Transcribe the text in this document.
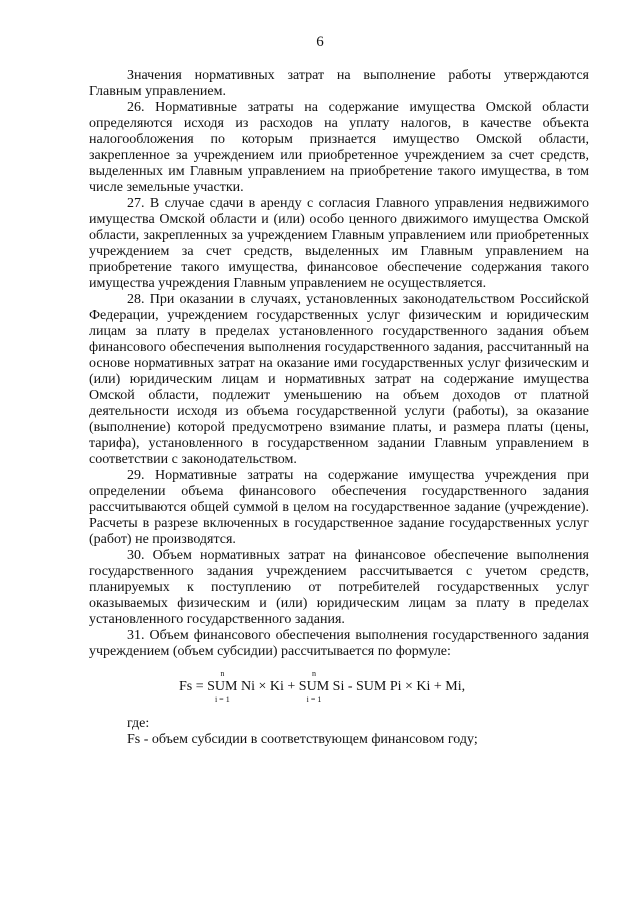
6

Значения нормативных затрат на выполнение работы утверждаются Главным управлением.

26. Нормативные затраты на содержание имущества Омской области определяются исходя из расходов на уплату налогов, в качестве объекта налогообложения по которым признается имущество Омской области, закрепленное за учреждением или приобретенное учреждением за счет средств, выделенных им Главным управлением на приобретение такого имущества, в том числе земельные участки.

27. В случае сдачи в аренду с согласия Главного управления недвижимого имущества Омской области и (или) особо ценного движимого имущества Омской области, закрепленных за учреждением Главным управлением или приобретенных учреждением за счет средств, выделенных им Главным управлением на приобретение такого имущества, финансовое обеспечение содержания такого имущества учреждения Главным управлением не осуществляется.

28. При оказании в случаях, установленных законодательством Российской Федерации, учреждением государственных услуг физическим и юридическим лицам за плату в пределах установленного государственного задания объем финансового обеспечения выполнения государственного задания, рассчитанный на основе нормативных затрат на оказание ими государственных услуг физическим и (или) юридическим лицам и нормативных затрат на содержание имущества Омской области, подлежит уменьшению на объем доходов от платной деятельности исходя из объема государственной услуги (работы), за оказание (выполнение) которой предусмотрено взимание платы, и размера платы (цены, тарифа), установленного в государственном задании Главным управлением в соответствии с законодательством.

29. Нормативные затраты на содержание имущества учреждения при определении объема финансового обеспечения государственного задания рассчитываются общей суммой в целом на государственное задание (учреждение). Расчеты в разрезе включенных в государственное задание государственных услуг (работ) не производятся.

30. Объем нормативных затрат на финансовое обеспечение выполнения государственного задания учреждением рассчитывается с учетом средств, планируемых к поступлению от потребителей государственных услуг оказываемых физическим и (или) юридическим лицам за плату в пределах установленного государственного задания.

31. Объем финансового обеспечения выполнения государственного задания учреждением (объем субсидии) рассчитывается по формуле:

Fs =
n
SUM
i = 1
Ni × Ki +
n
SUM
i = 1
Si - SUM Pi × Ki + Mi,

где:

Fs - объем субсидии в соответствующем финансовом году;
